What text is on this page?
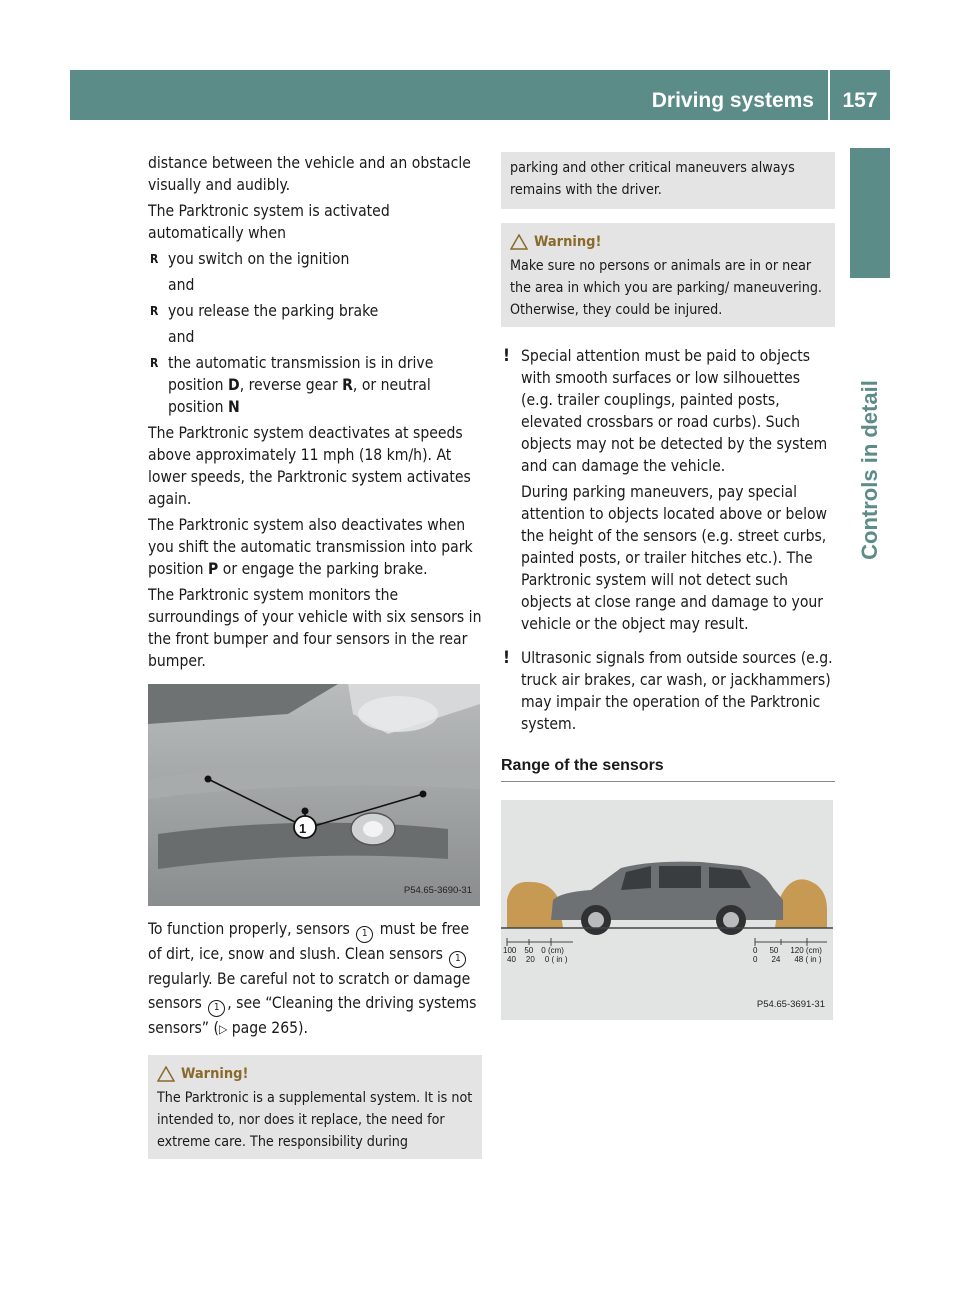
Driving systems	157
Controls in detail

distance between the vehicle and an obstacle visually and audibly.

The Parktronic system is activated automatically when

R you switch on the ignition
and
R you release the parking brake
and
R the automatic transmission is in drive position D, reverse gear R, or neutral position N

The Parktronic system deactivates at speeds above approximately 11 mph (18 km/h). At lower speeds, the Parktronic system activates again.

The Parktronic system also deactivates when you shift the automatic transmission into park position P or engage the parking brake.

The Parktronic system monitors the surroundings of your vehicle with six sensors in the front bumper and four sensors in the rear bumper.

1
P54.65-3690-31

To function properly, sensors 1 must be free of dirt, ice, snow and slush. Clean sensors 1 regularly. Be careful not to scratch or damage sensors 1 , see “Cleaning the driving systems sensors” (▷ page 265).

Warning!
The Parktronic is a supplemental system. It is not intended to, nor does it replace, the need for extreme care. The responsibility during
parking and other critical maneuvers always remains with the driver.
Warning!
Make sure no persons or animals are in or near the area in which you are parking/ maneuvering. Otherwise, they could be injured.
! Special attention must be paid to objects with smooth surfaces or low silhouettes (e.g. trailer couplings, painted posts, elevated crossbars or road curbs). Such objects may not be detected by the system and can damage the vehicle.

During parking maneuvers, pay special attention to objects located above or below the height of the sensors (e.g. street curbs, painted posts, or trailer hitches etc.). The Parktronic system will not detect such objects at close range and damage to your vehicle or the object may result.

! Ultrasonic signals from outside sources (e.g. truck air brakes, car wash, or jackhammers) may impair the operation of the Parktronic system.

Range of the sensors
100 50 0 (cm)
40 20 0 ( in )
0 50 120 (cm)
0 24 48 ( in )
P54.65-3691-31
